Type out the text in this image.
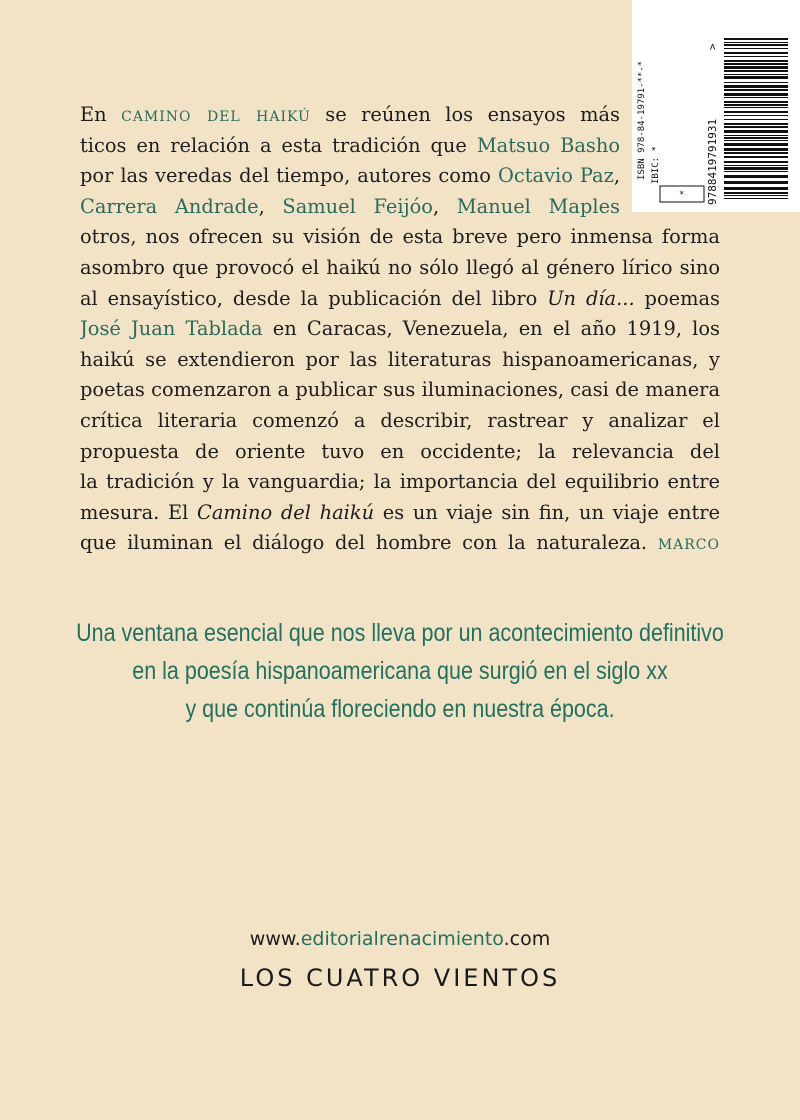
9788419791931
>
ISBN 978-84-19791-**-* IBIC: *
*
En camino del haikú se reúnen los ensayos más
ticos en relación a esta tradición que Matsuo Basho
por las veredas del tiempo, autores como Octavio Paz,
Carrera Andrade, Samuel Feijóo, Manuel Maples
otros, nos ofrecen su visión de esta breve pero inmensa forma
asombro que provocó el haikú no sólo llegó al género lírico sino
al ensayístico, desde la publicación del libro Un día... poemas
José Juan Tablada en Caracas, Venezuela, en el año 1919, los
haikú se extendieron por las literaturas hispanoamericanas, y
poetas comenzaron a publicar sus iluminaciones, casi de manera
crítica literaria comenzó a describir, rastrear y analizar el
propuesta de oriente tuvo en occidente; la relevancia del
la tradición y la vanguardia; la importancia del equilibrio entre
mesura. El Camino del haikú es un viaje sin fin, un viaje entre
que iluminan el diálogo del hombre con la naturaleza. marco
Una ventana esencial que nos lleva por un acontecimiento definitivo
en la poesía hispanoamericana que surgió en el siglo xx
y que continúa floreciendo en nuestra época.
www.editorialrenacimiento.com
LOS CUATRO VIENTOS
